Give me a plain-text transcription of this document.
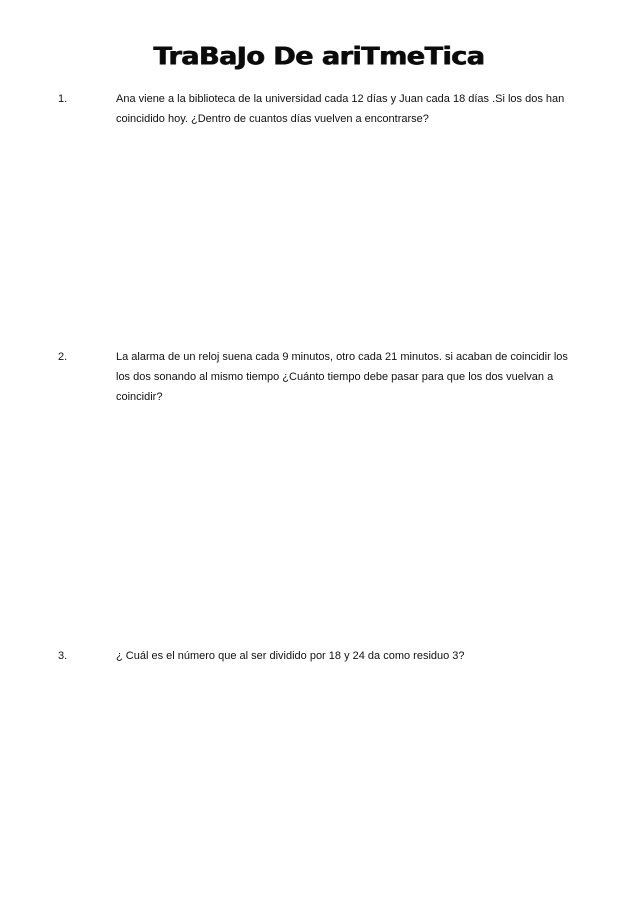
TraBaJo De ariTmeTica
1.	Ana viene a la biblioteca de la universidad cada 12 días y Juan cada 18 días .Si los dos han
coincidido hoy. ¿Dentro de cuantos días vuelven a encontrarse?
2.	La alarma de un reloj suena cada 9 minutos, otro cada 21 minutos. si acaban de coincidir los
los dos sonando al mismo tiempo ¿Cuánto tiempo debe pasar para que los dos vuelvan a
coincidir?
3.	¿ Cuál es el número que al ser dividido por 18 y 24 da como residuo 3?
